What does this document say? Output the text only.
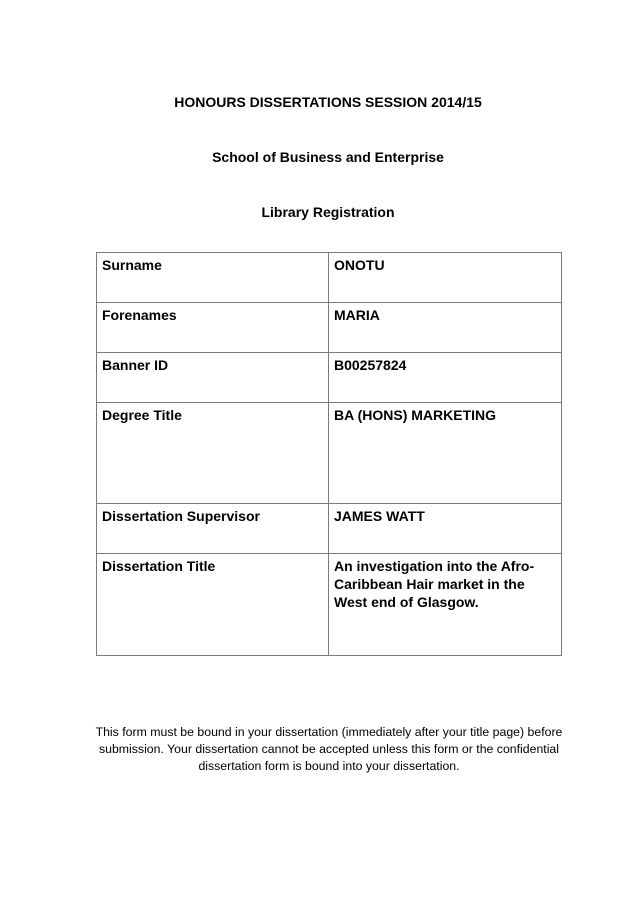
HONOURS DISSERTATIONS SESSION 2014/15

School of Business and Enterprise

Library Registration

Surname	ONOTU
Forenames	MARIA
Banner ID	B00257824
Degree Title	BA (HONS) MARKETING
Dissertation Supervisor	JAMES WATT
Dissertation Title	An investigation into the Afro-Caribbean Hair market in the West end of Glasgow.

This form must be bound in your dissertation (immediately after your title page) before submission. Your dissertation cannot be accepted unless this form or the confidential dissertation form is bound into your dissertation.
